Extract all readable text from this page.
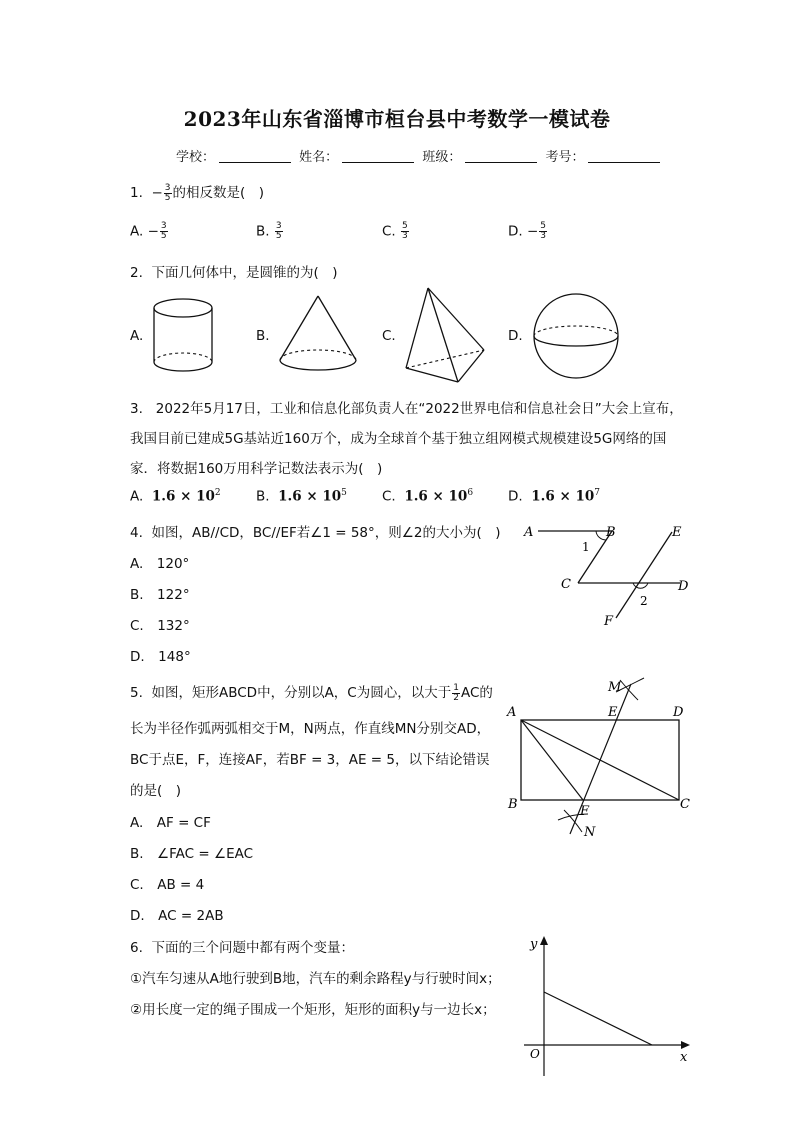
2023年山东省淄博市桓台县中考数学一模试卷
学校：	姓名：	班级：	考号：
1. − $\frac{3}{5}$ 的相反数是(　)
A. − $\frac{3}{5}$	B. $\frac{3}{5}$	C. $\frac{5}{3}$	D. − $\frac{5}{3}$
2. 下面几何体中，是圆锥的为(　)
A.	B.	C.	D.
3. 2022年5月17日，工业和信息化部负责人在“2022世界电信和信息社会日”大会上宣布，
我国目前已建成5G基站近160万个，成为全球首个基于独立组网模式规模建设5G网络的国
家．将数据160万用科学记数法表示为(　)
A. $1.6 \times 10^2$	B. $1.6 \times 10^5$	C. $1.6 \times 10^6$	D. $1.6 \times 10^7$
4. 如图，AB//CD，BC//EF若∠1 = 58°，则∠2的大小为(　)
A.　120°
B.　122°
C.　132°
D.　148°
A	B
C	D
E
F
1
2
5. 如图，矩形ABCD中，分别以A，C为圆心，以大于 $\frac{1}{2}$ AC的
长为半径作弧两弧相交于M，N两点，作直线MN分别交AD，
BC于点E，F，连接AF，若BF = 3，AE = 5，以下结论错误
的是(　)
A.　AF = CF
B.　∠FAC = ∠EAC
C.　AB = 4
D.　AC = 2AB
A
B	C
D
E
F
M
N
6. 下面的三个问题中都有两个变量：
①汽车匀速从A地行驶到B地，汽车的剩余路程y与行驶时间x；
②用长度一定的绳子围成一个矩形，矩形的面积y与一边长x；
y
x
O
